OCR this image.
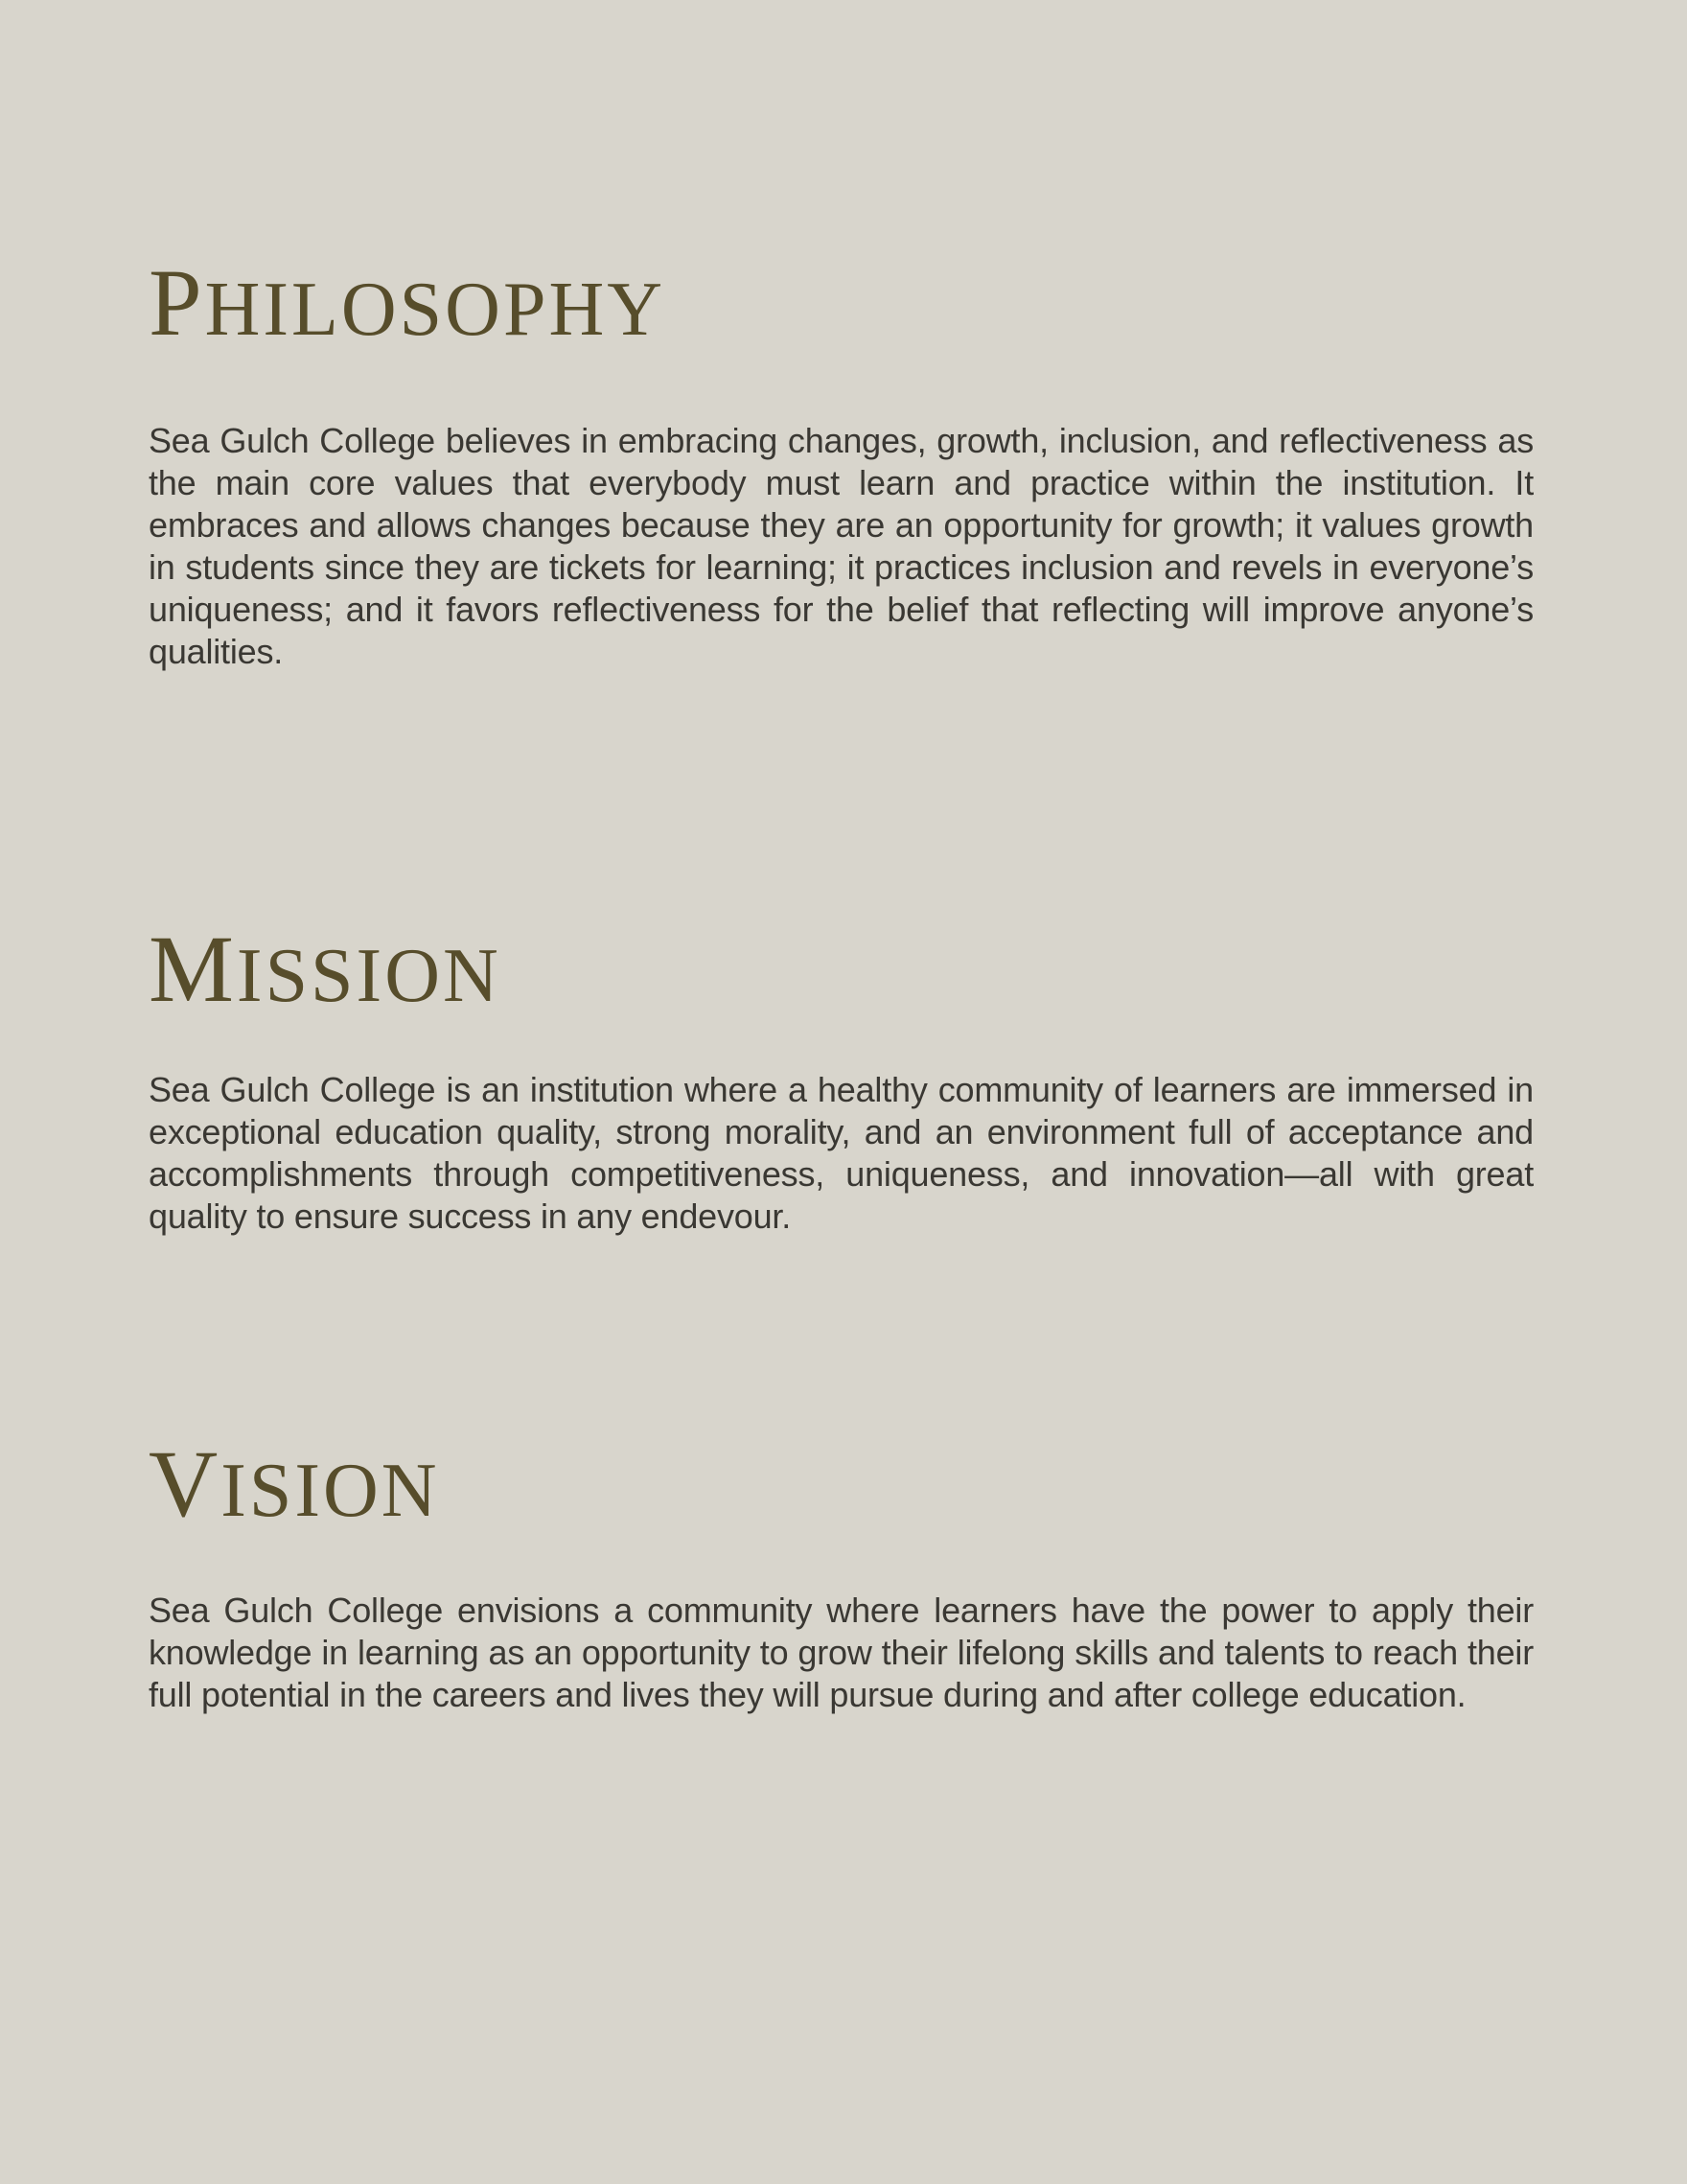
PHILOSOPHY

Sea Gulch College believes in embracing changes, growth, inclusion, and reflectiveness as the main core values that everybody must learn and practice within the institution. It embraces and allows changes because they are an opportunity for growth; it values growth in students since they are tickets for learning; it practices inclusion and revels in everyone’s uniqueness; and it favors reflectiveness for the belief that reflecting will improve anyone’s qualities.

MISSION

Sea Gulch College is an institution where a healthy community of learners are immersed in exceptional education quality, strong morality, and an environment full of acceptance and accomplishments through competitiveness, uniqueness, and innovation—all with great quality to ensure success in any endevour.

VISION

Sea Gulch College envisions a community where learners have the power to apply their knowledge in learning as an opportunity to grow their lifelong skills and talents to reach their full potential in the careers and lives they will pursue during and after college education.
